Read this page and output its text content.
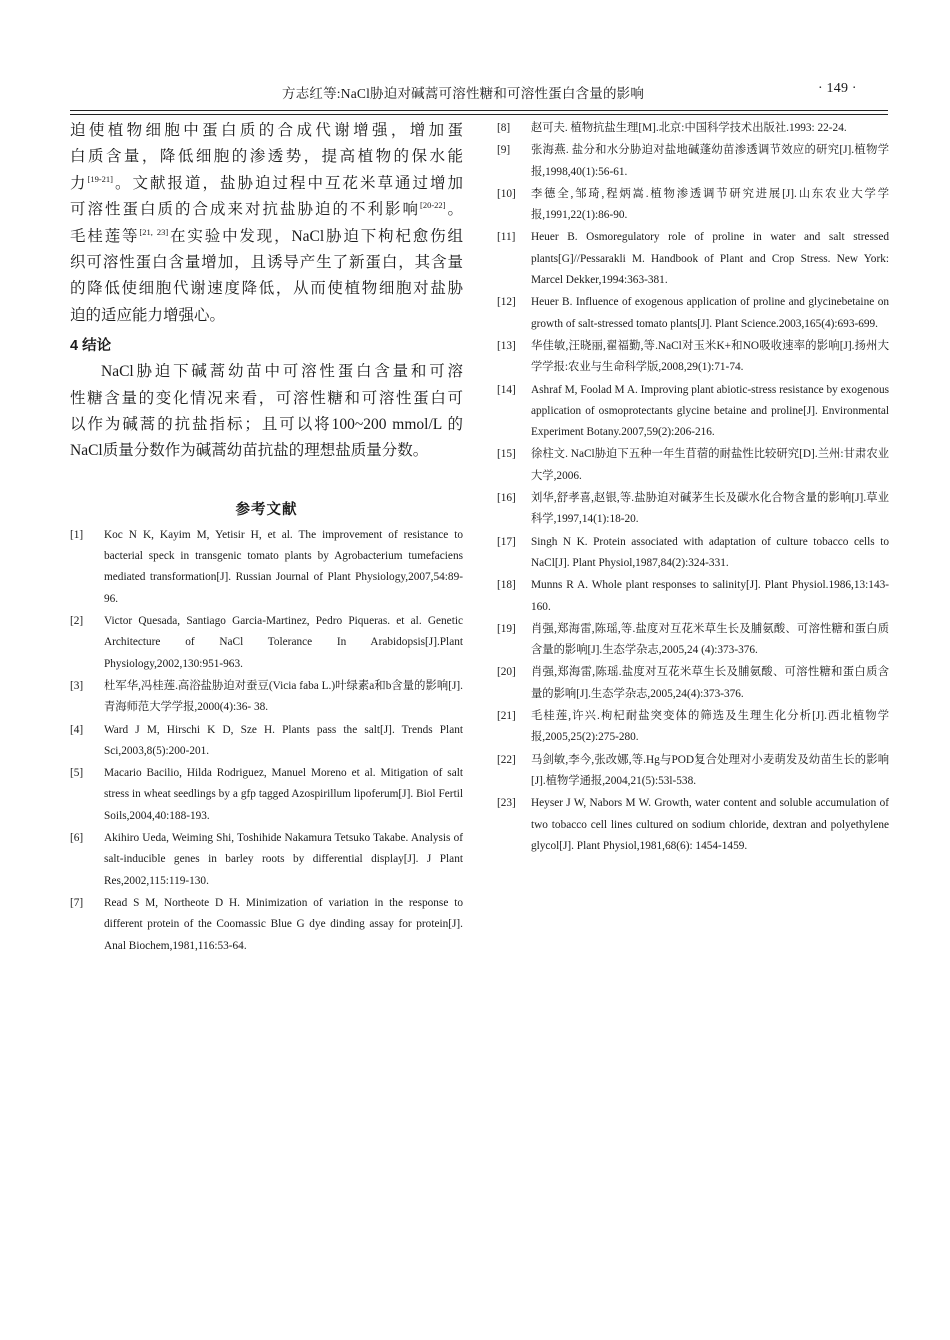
方志红等:NaCl胁迫对碱蒿可溶性糖和可溶性蛋白含量的影响	· 149 ·

迫使植物细胞中蛋白质的合成代谢增强，增加蛋

白质含量，降低细胞的渗透势，提高植物的保水能

力[19-21]。文献报道，盐胁迫过程中互花米草通过增加

可溶性蛋白质的合成来对抗盐胁迫的不利影响[20-22]。

毛桂莲等[21, 23]在实验中发现，NaCl胁迫下枸杞愈伤组

织可溶性蛋白含量增加，且诱导产生了新蛋白，其含量

的降低使细胞代谢速度降低，从而使植物细胞对盐胁

迫的适应能力增强心。

4 结论

NaCl胁迫下碱蒿幼苗中可溶性蛋白含量和可溶

性糖含量的变化情况来看，可溶性糖和可溶性蛋白可

以作为碱蒿的抗盐指标；且可以将100~200 mmol/L 的

NaCl质量分数作为碱蒿幼苗抗盐的理想盐质量分数。

参考文献
[1] Koc N K, Kayim M, Yetisir H, et al. The improvement of resistance to bacterial speck in transgenic tomato plants by Agrobacterium tumefaciens mediated transformation[J]. Russian Journal of Plant Physiology,2007,54:89-96.
[2] Victor Quesada, Santiago Garcia-Martinez, Pedro Piqueras. et al. Genetic Architecture of NaCl Tolerance In Arabidopsis[J].Plant Physiology,2002,130:951-963.
[3] 杜军华,冯桂莲.高浴盐胁迫对蚕豆(Vicia faba L.)叶绿素a和b含量的影响[J].青海师范大学学报,2000(4):36- 38.
[4] Ward J M, Hirschi K D, Sze H. Plants pass the salt[J]. Trends Plant Sci,2003,8(5):200-201.
[5] Macario Bacilio, Hilda Rodriguez, Manuel Moreno et al. Mitigation of salt stress in wheat seedlings by a gfp tagged Azospirillum lipoferum[J]. Biol Fertil Soils,2004,40:188-193.
[6] Akihiro Ueda, Weiming Shi, Toshihide Nakamura Tetsuko Takabe. Analysis of salt-inducible genes in barley roots by differential display[J]. J Plant Res,2002,115:119-130.
[7] Read S M, Northeote D H. Minimization of variation in the response to different protein of the Coomassic Blue G dye dinding assay for protein[J]. Anal Biochem,1981,116:53-64.
[8] 赵可夫. 植物抗盐生理[M].北京:中国科学技术出版社.1993: 22-24.
[9] 张海燕. 盐分和水分胁迫对盐地碱蓬幼苗渗透调节效应的研究[J].植物学报,1998,40(1):56-61.
[10] 李德全,邹琦,程炳嵩.植物渗透调节研究进展[J].山东农业大学学报,1991,22(1):86-90.
[11] Heuer B. Osmoregulatory role of proline in water and salt stressed plants[G]//Pessarakli M. Handbook of Plant and Crop Stress. New York: Marcel Dekker,1994:363-381.
[12] Heuer B. Influence of exogenous application of proline and glycinebetaine on growth of salt-stressed tomato plants[J]. Plant Science.2003,165(4):693-699.
[13] 华佳敏,汪晓丽,翟福勤,等.NaCl对玉米K+和NO吸收速率的影响[J].扬州大学学报:农业与生命科学版,2008,29(1):71-74.
[14] Ashraf M, Foolad M A. Improving plant abiotic-stress resistance by exogenous application of osmoprotectants glycine betaine and proline[J]. Environmental Experiment Botany.2007,59(2):206-216.
[15] 徐柱文. NaCl胁迫下五种一年生苜蓿的耐盐性比较研究[D].兰州:甘肃农业大学,2006.
[16] 刘华,舒孝喜,赵银,等.盐胁迫对碱茅生长及碳水化合物含量的影响[J].草业科学,1997,14(1):18-20.
[17] Singh N K. Protein associated with adaptation of culture tobacco cells to NaCl[J]. Plant Physiol,1987,84(2):324-331.
[18] Munns R A. Whole plant responses to salinity[J]. Plant Physiol.1986,13:143-160.
[19] 肖强,郑海雷,陈瑶,等.盐度对互花米草生长及脯氨酸、可溶性糖和蛋白质含量的影响[J].生态学杂志,2005,24 (4):373-376.
[20] 肖强,郑海雷,陈瑶.盐度对互花米草生长及脯氨酸、可溶性糖和蛋白质含量的影响[J].生态学杂志,2005,24(4):373-376.
[21] 毛桂莲,许兴.枸杞耐盐突变体的筛选及生理生化分析[J].西北植物学报,2005,25(2):275-280.
[22] 马剑敏,李今,张改娜,等.Hg与POD复合处理对小麦萌发及幼苗生长的影响[J].植物学通报,2004,21(5):53l-538.
[23] Heyser J W, Nabors M W. Growth, water content and soluble accumulation of two tobacco cell lines cultured on sodium chloride, dextran and polyethylene glycol[J]. Plant Physiol,1981,68(6): 1454-1459.
